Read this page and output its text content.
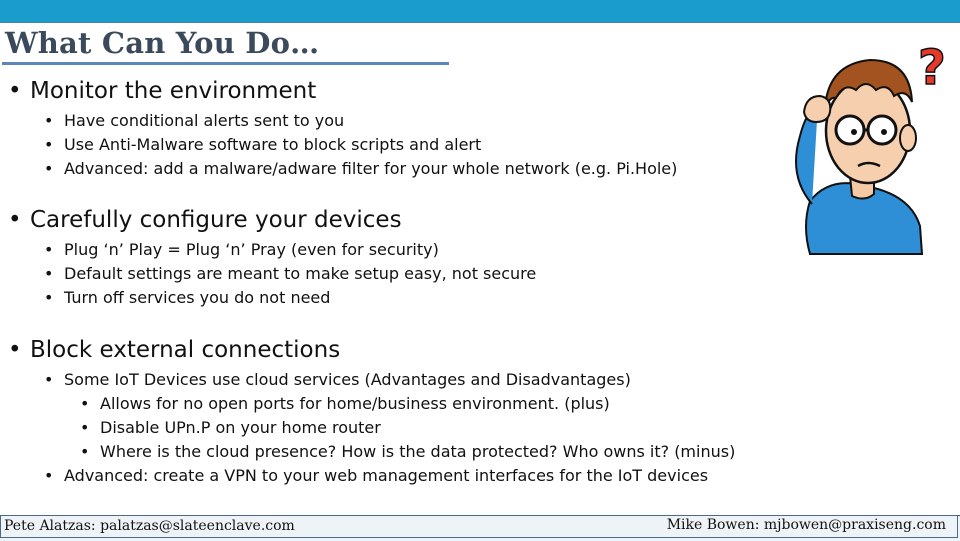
What Can You Do…
• Monitor the environment
• Have conditional alerts sent to you
• Use Anti-Malware software to block scripts and alert
• Advanced: add a malware/adware filter for your whole network (e.g. Pi.Hole)
• Carefully configure your devices
• Plug ‘n’ Play = Plug ‘n’ Pray (even for security)
• Default settings are meant to make setup easy, not secure
• Turn off services you do not need
• Block external connections
• Some IoT Devices use cloud services (Advantages and Disadvantages)
• Allows for no open ports for home/business environment. (plus)
• Disable UPn.P on your home router
• Where is the cloud presence? How is the data protected? Who owns it? (minus)
• Advanced: create a VPN to your web management interfaces for the IoT devices
?
Pete Alatzas: palatzas@slateenclave.com	Mike Bowen: mjbowen@praxiseng.com
